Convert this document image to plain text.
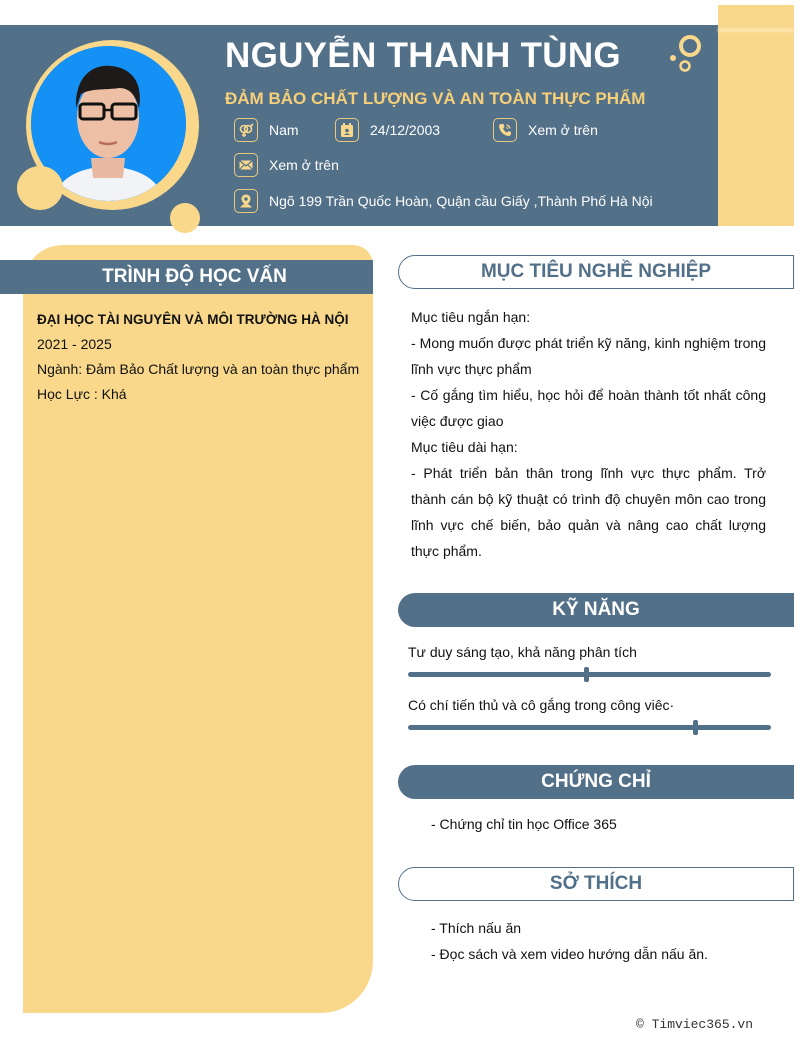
NGUYỄN THANH TÙNG
ĐẢM BẢO CHẤT LƯỢNG VÀ AN TOÀN THỰC PHẨM
Nam	24/12/2003	Xem ở trên
Xem ở trên
Ngõ 199 Trần Quốc Hoàn, Quận cầu Giấy ,Thành Phố Hà Nội
TRÌNH ĐỘ HỌC VẤN
ĐẠI HỌC TÀI NGUYÊN VÀ MÔI TRƯỜNG HÀ NỘI
2021 - 2025
Ngành: Đảm Bảo Chất lượng và an toàn thực phẩm
Học Lực : Khá
MỤC TIÊU NGHỀ NGHIỆP
Mục tiêu ngắn hạn:
- Mong muốn được phát triển kỹ năng, kinh nghiệm trong lĩnh vực thực phẩm
- Cố gắng tìm hiểu, học hỏi để hoàn thành tốt nhất công việc được giao
Mục tiêu dài hạn:
- Phát triển bản thân trong lĩnh vực thực phẩm. Trở thành cán bộ kỹ thuật có trình độ chuyên môn cao trong lĩnh vực chế biến, bảo quản và nâng cao chất lượng thực phẩm.
KỸ NĂNG
Tư duy sáng tạo, khả năng phân tích
Có chí tiến thủ và cô gắng trong công viêc·
CHỨNG CHỈ
- Chứng chỉ tin học Office 365
SỞ THÍCH
- Thích nấu ăn
- Đọc sách và xem video hướng dẫn nấu ăn.
© Timviec365.vn
